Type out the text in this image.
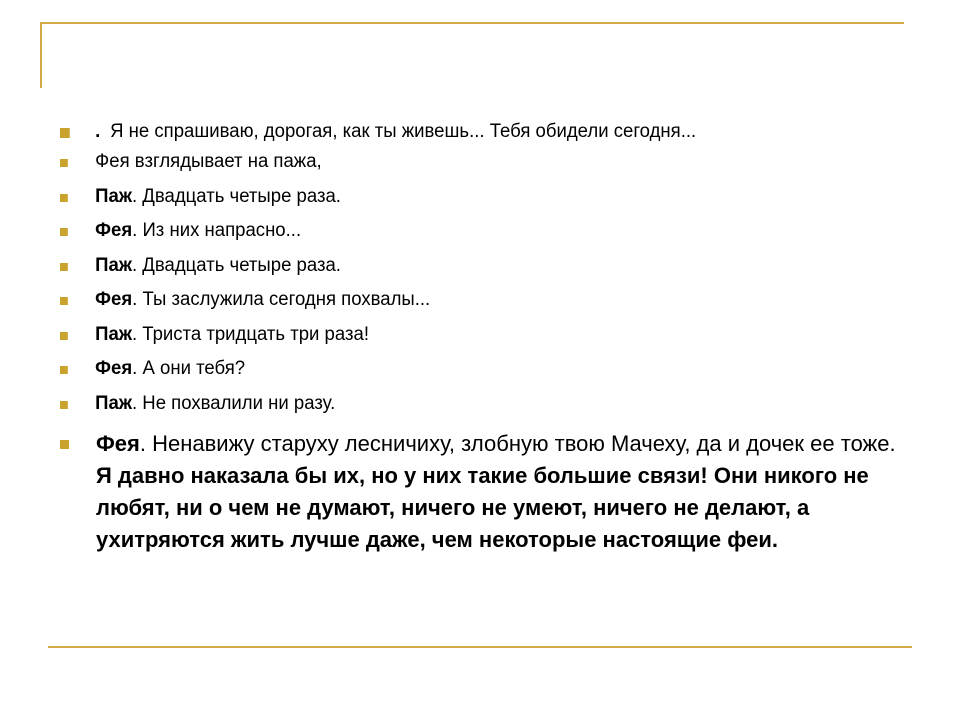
. Я не спрашиваю, дорогая, как ты живешь... Тебя обидели сегодня...
Фея взглядывает на пажа,
Паж. Двадцать четыре раза.
Фея. Из них напрасно...
Паж. Двадцать четыре раза.
Фея. Ты заслужила сегодня похвалы...
Паж. Триста тридцать три раза!
Фея. А они тебя?
Паж. Не похвалили ни разу.
Фея. Ненавижу старуху лесничиху, злобную твою Мачеху, да и дочек ее тоже. Я давно наказала бы их, но у них такие большие связи! Они никого не любят, ни о чем не думают, ничего не умеют, ничего не делают, а ухитряются жить лучше даже, чем некоторые настоящие феи.
